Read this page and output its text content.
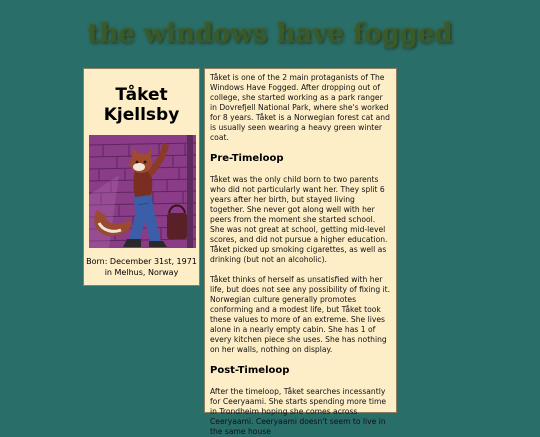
the windows have fogged
Tåket
Kjellsby
Born: December 31st, 1971 in Melhus, Norway

Tåket is one of the 2 main protaganists of The Windows Have Fogged. After dropping out of college, she started working as a park ranger in Dovrefjell National Park, where she's worked for 8 years. Tåket is a Norwegian forest cat and is usually seen wearing a heavy green winter coat.

Pre-Timeloop

Tåket was the only child born to two parents who did not particularly want her. They split 6 years after her birth, but stayed living together. She never got along well with her peers from the moment she started school. She was not great at school, getting mid-level scores, and did not pursue a higher education. Tåket picked up smoking cigarettes, as well as drinking (but not an alcoholic).

Tåket thinks of herself as unsatisfied with her life, but does not see any possibility of fixing it. Norwegian culture generally promotes conforming and a modest life, but Tåket took these values to more of an extreme. She lives alone in a nearly empty cabin. She has 1 of every kitchen piece she uses. She has nothing on her walls, nothing on display.

Post-Timeloop

After the timeloop, Tåket searches incessantly for Ceeryaami. She starts spending more time in Trondheim hoping she comes across Ceeryaami. Ceeryaami doesn't seem to live in the same house
